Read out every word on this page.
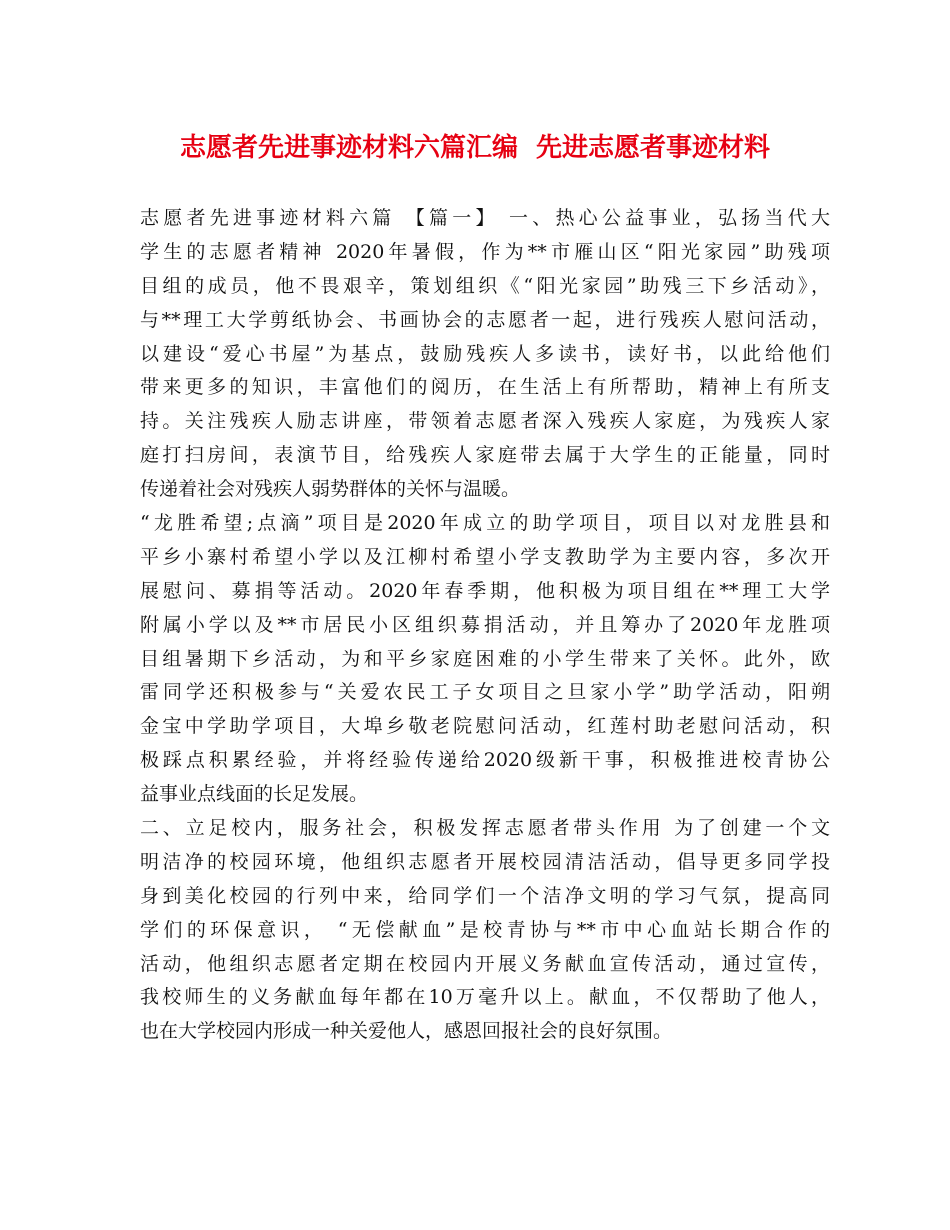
志愿者先进事迹材料六篇汇编  先进志愿者事迹材料
志愿者先进事迹材料六篇 【篇一】 一、热心公益事业，弘扬当代大
学生的志愿者精神 2020年暑假，作为**市雁山区“阳光家园”助残项
目组的成员，他不畏艰辛，策划组织《“阳光家园”助残三下乡活动》，
与**理工大学剪纸协会、书画协会的志愿者一起，进行残疾人慰问活动，
以建设“爱心书屋”为基点，鼓励残疾人多读书，读好书，以此给他们
带来更多的知识，丰富他们的阅历，在生活上有所帮助，精神上有所支
持。关注残疾人励志讲座，带领着志愿者深入残疾人家庭，为残疾人家
庭打扫房间，表演节目，给残疾人家庭带去属于大学生的正能量，同时
传递着社会对残疾人弱势群体的关怀与温暖。
“龙胜希望;点滴”项目是2020年成立的助学项目，项目以对龙胜县和
平乡小寨村希望小学以及江柳村希望小学支教助学为主要内容，多次开
展慰问、募捐等活动。2020年春季期，他积极为项目组在**理工大学
附属小学以及**市居民小区组织募捐活动，并且筹办了2020年龙胜项
目组暑期下乡活动，为和平乡家庭困难的小学生带来了关怀。此外，欧
雷同学还积极参与“关爱农民工子女项目之旦家小学”助学活动，阳朔
金宝中学助学项目，大埠乡敬老院慰问活动，红莲村助老慰问活动，积
极踩点积累经验，并将经验传递给2020级新干事，积极推进校青协公
益事业点线面的长足发展。
二、立足校内，服务社会，积极发挥志愿者带头作用 为了创建一个文
明洁净的校园环境，他组织志愿者开展校园清洁活动，倡导更多同学投
身到美化校园的行列中来，给同学们一个洁净文明的学习气氛，提高同
学们的环保意识， “无偿献血”是校青协与**市中心血站长期合作的
活动，他组织志愿者定期在校园内开展义务献血宣传活动，通过宣传，
我校师生的义务献血每年都在10万毫升以上。献血，不仅帮助了他人，
也在大学校园内形成一种关爱他人，感恩回报社会的良好氛围。
